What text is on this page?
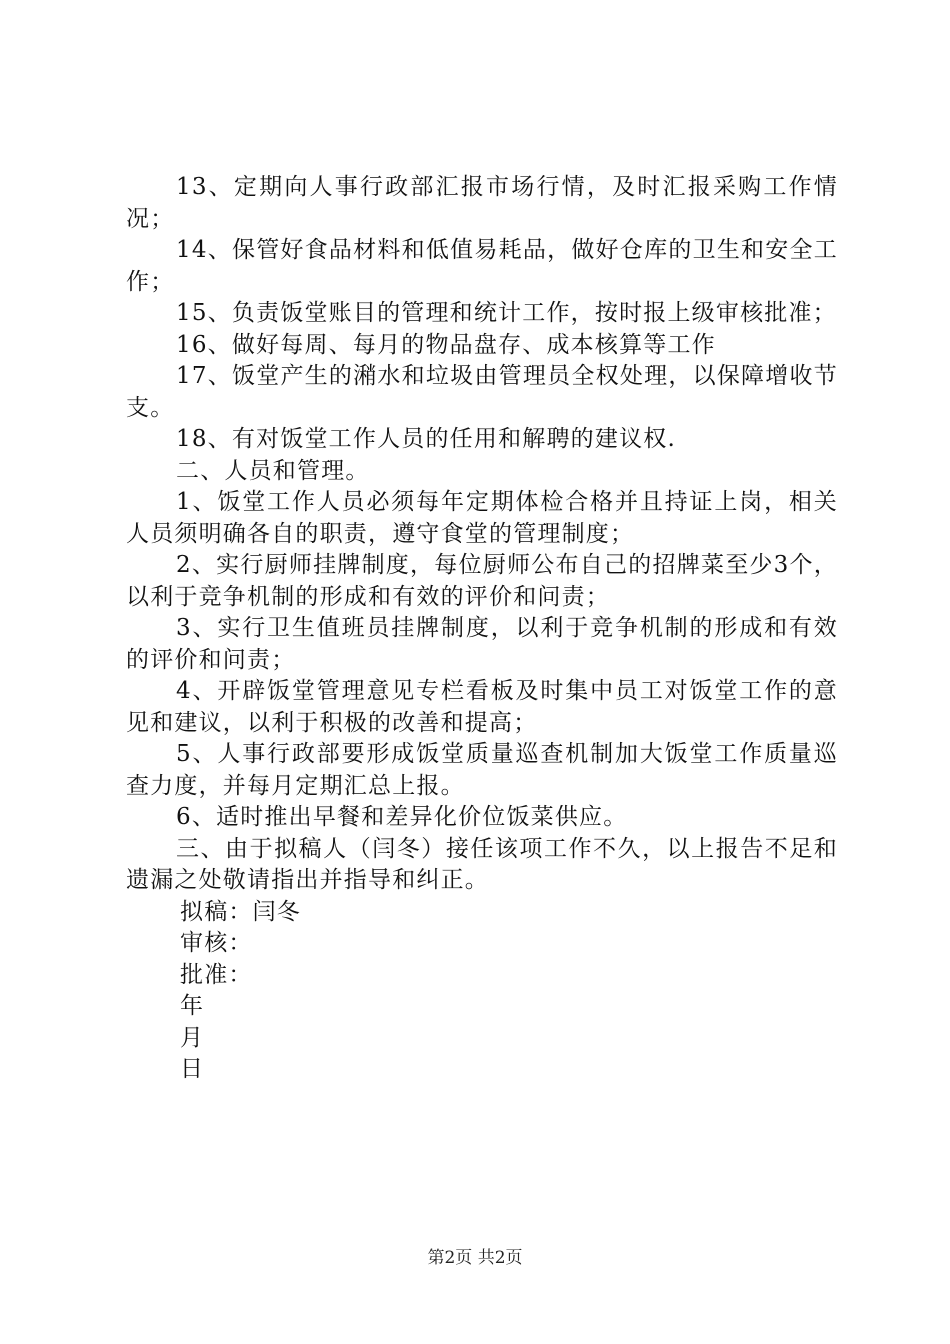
13、定期向人事行政部汇报市场行情，及时汇报采购工作情况；

14、保管好食品材料和低值易耗品，做好仓库的卫生和安全工作；

15、负责饭堂账目的管理和统计工作，按时报上级审核批准；

16、做好每周、每月的物品盘存、成本核算等工作

17、饭堂产生的潲水和垃圾由管理员全权处理，以保障增收节支。

18、有对饭堂工作人员的任用和解聘的建议权.

二、人员和管理。

1、饭堂工作人员必须每年定期体检合格并且持证上岗，相关人员须明确各自的职责，遵守食堂的管理制度；

2、实行厨师挂牌制度，每位厨师公布自己的招牌菜至少3个，以利于竞争机制的形成和有效的评价和问责；

3、实行卫生值班员挂牌制度，以利于竞争机制的形成和有效的评价和问责；

4、开辟饭堂管理意见专栏看板及时集中员工对饭堂工作的意见和建议，以利于积极的改善和提高；

5、人事行政部要形成饭堂质量巡查机制加大饭堂工作质量巡查力度，并每月定期汇总上报。

6、适时推出早餐和差异化价位饭菜供应。

三、由于拟稿人（闫冬）接任该项工作不久，以上报告不足和遗漏之处敬请指出并指导和纠正。

拟稿：闫冬

审核：

批准：

年

月

日

第2页 共2页
